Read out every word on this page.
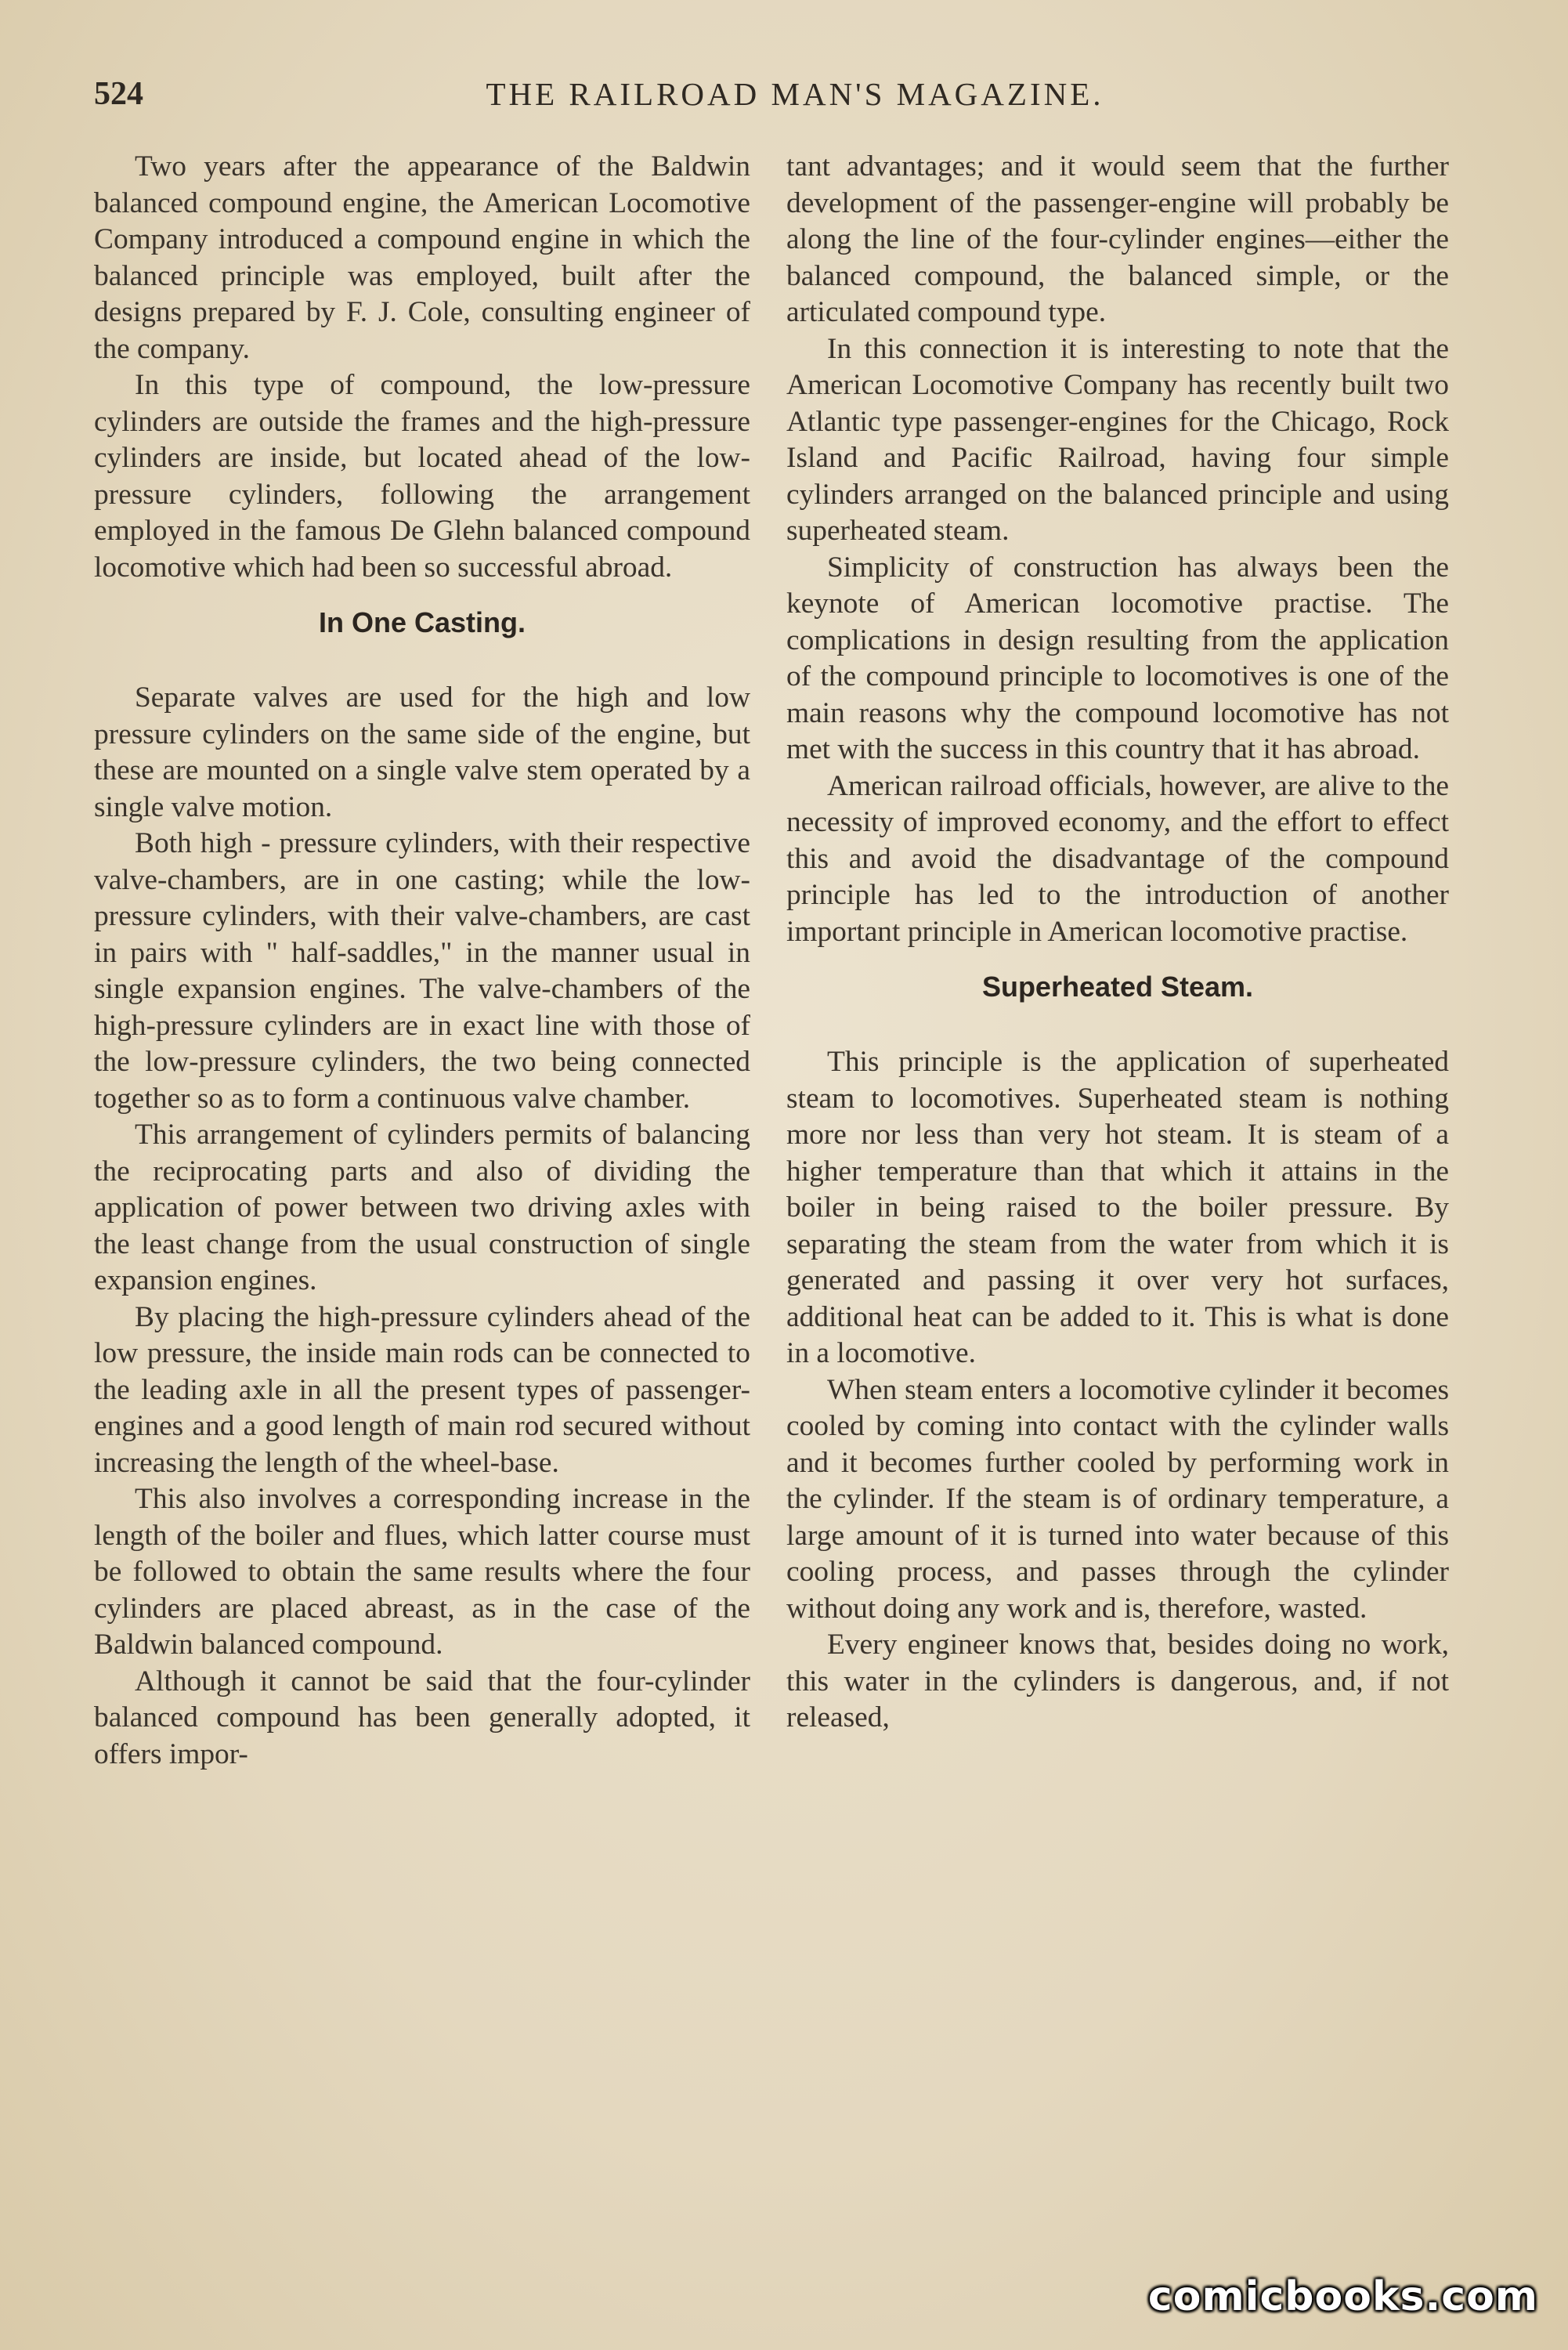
524	THE RAILROAD MAN'S MAGAZINE.

Two years after the appearance of the Baldwin balanced compound engine, the American Locomotive Company introduced a compound engine in which the balanced principle was employed, built after the designs prepared by F. J. Cole, consulting engineer of the company.

In this type of compound, the low-pressure cylinders are outside the frames and the high-pressure cylinders are inside, but located ahead of the low-pressure cylinders, following the arrangement employed in the famous De Glehn balanced compound locomotive which had been so successful abroad.

In One Casting.

Separate valves are used for the high and low pressure cylinders on the same side of the engine, but these are mounted on a single valve stem operated by a single valve motion.

Both high - pressure cylinders, with their respective valve-chambers, are in one casting; while the low-pressure cylinders, with their valve-chambers, are cast in pairs with " half-saddles," in the manner usual in single expansion engines. The valve-chambers of the high-pressure cylinders are in exact line with those of the low-pressure cylinders, the two being connected together so as to form a continuous valve chamber.

This arrangement of cylinders permits of balancing the reciprocating parts and also of dividing the application of power between two driving axles with the least change from the usual construction of single expansion engines.

By placing the high-pressure cylinders ahead of the low pressure, the inside main rods can be connected to the leading axle in all the present types of passenger-engines and a good length of main rod secured without increasing the length of the wheel-base.

This also involves a corresponding increase in the length of the boiler and flues, which latter course must be followed to obtain the same results where the four cylinders are placed abreast, as in the case of the Baldwin balanced compound.

Although it cannot be said that the four-cylinder balanced compound has been generally adopted, it offers impor-

tant advantages; and it would seem that the further development of the passenger-engine will probably be along the line of the four-cylinder engines—either the balanced compound, the balanced simple, or the articulated compound type.

In this connection it is interesting to note that the American Locomotive Company has recently built two Atlantic type passenger-engines for the Chicago, Rock Island and Pacific Railroad, having four simple cylinders arranged on the balanced principle and using superheated steam.

Simplicity of construction has always been the keynote of American locomotive practise. The complications in design resulting from the application of the compound principle to locomotives is one of the main reasons why the compound locomotive has not met with the success in this country that it has abroad.

American railroad officials, however, are alive to the necessity of improved economy, and the effort to effect this and avoid the disadvantage of the compound principle has led to the introduction of another important principle in American locomotive practise.

Superheated Steam.

This principle is the application of superheated steam to locomotives. Superheated steam is nothing more nor less than very hot steam. It is steam of a higher temperature than that which it attains in the boiler in being raised to the boiler pressure. By separating the steam from the water from which it is generated and passing it over very hot surfaces, additional heat can be added to it. This is what is done in a locomotive.

When steam enters a locomotive cylinder it becomes cooled by coming into contact with the cylinder walls and it becomes further cooled by performing work in the cylinder. If the steam is of ordinary temperature, a large amount of it is turned into water because of this cooling process, and passes through the cylinder without doing any work and is, therefore, wasted.

Every engineer knows that, besides doing no work, this water in the cylinders is dangerous, and, if not released,

comicbooks.com
